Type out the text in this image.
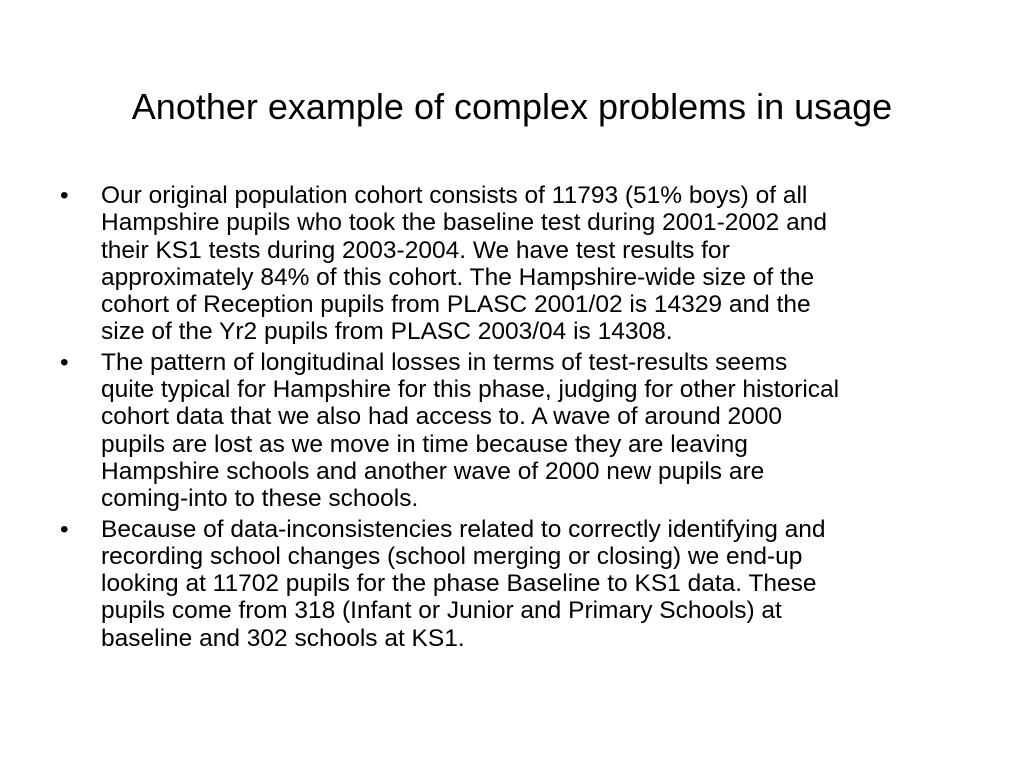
Another example of complex problems in usage
•	Our original population cohort consists of 11793 (51% boys) of all
Hampshire pupils who took the baseline test during 2001-2002 and
their KS1 tests during 2003-2004. We have test results for
approximately 84% of this cohort. The Hampshire-wide size of the
cohort of Reception pupils from PLASC 2001/02 is 14329 and the
size of the Yr2 pupils from PLASC 2003/04 is 14308.
•	The pattern of longitudinal losses in terms of test-results seems
quite typical for Hampshire for this phase, judging for other historical
cohort data that we also had access to. A wave of around 2000
pupils are lost as we move in time because they are leaving
Hampshire schools and another wave of 2000 new pupils are
coming-into to these schools.
•	Because of data-inconsistencies related to correctly identifying and
recording school changes (school merging or closing) we end-up
looking at 11702 pupils for the phase Baseline to KS1 data. These
pupils come from 318 (Infant or Junior and Primary Schools) at
baseline and 302 schools at KS1.
